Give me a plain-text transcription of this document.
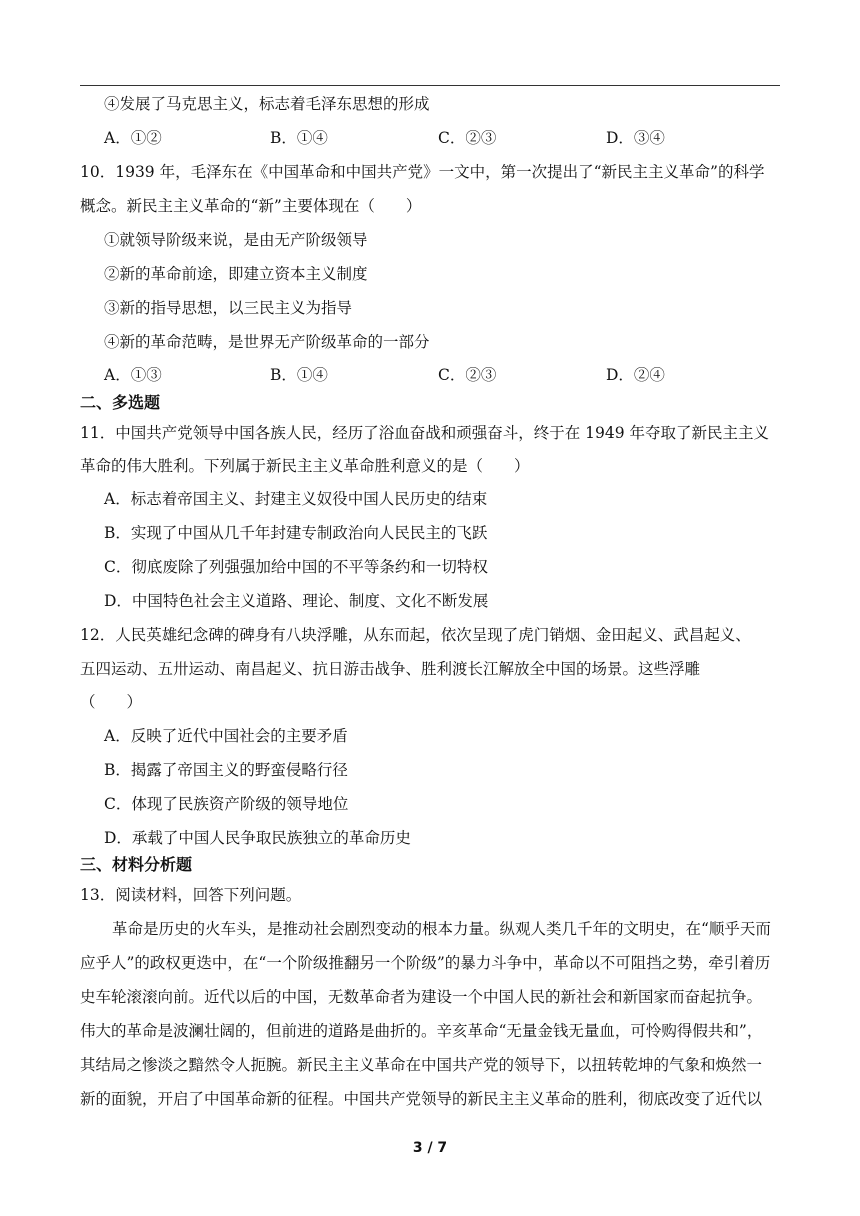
④发展了马克思主义，标志着毛泽东思想的形成
A．①②	B．①④	C．②③	D．③④
10．1939 年，毛泽东在《中国革命和中国共产党》一文中，第一次提出了“新民主主义革命”的科学
概念。新民主主义革命的“新”主要体现在（　　）
①就领导阶级来说，是由无产阶级领导
②新的革命前途，即建立资本主义制度
③新的指导思想，以三民主义为指导
④新的革命范畴，是世界无产阶级革命的一部分
A．①③	B．①④	C．②③	D．②④
二、多选题
11．中国共产党领导中国各族人民，经历了浴血奋战和顽强奋斗，终于在 1949 年夺取了新民主主义
革命的伟大胜利。下列属于新民主主义革命胜利意义的是（　　）
A．标志着帝国主义、封建主义奴役中国人民历史的结束
B．实现了中国从几千年封建专制政治向人民民主的飞跃
C．彻底废除了列强强加给中国的不平等条约和一切特权
D．中国特色社会主义道路、理论、制度、文化不断发展
12．人民英雄纪念碑的碑身有八块浮雕，从东而起，依次呈现了虎门销烟、金田起义、武昌起义、
五四运动、五卅运动、南昌起义、抗日游击战争、胜利渡长江解放全中国的场景。这些浮雕
（　　）
A．反映了近代中国社会的主要矛盾
B．揭露了帝国主义的野蛮侵略行径
C．体现了民族资产阶级的领导地位
D．承载了中国人民争取民族独立的革命历史
三、材料分析题
13．阅读材料，回答下列问题。
革命是历史的火车头，是推动社会剧烈变动的根本力量。纵观人类几千年的文明史，在“顺乎天而
应乎人”的政权更迭中，在“一个阶级推翻另一个阶级”的暴力斗争中，革命以不可阻挡之势，牵引着历
史车轮滚滚向前。近代以后的中国，无数革命者为建设一个中国人民的新社会和新国家而奋起抗争。
伟大的革命是波澜壮阔的，但前进的道路是曲折的。辛亥革命“无量金钱无量血，可怜购得假共和”，
其结局之惨淡之黯然令人扼腕。新民主主义革命在中国共产党的领导下，以扭转乾坤的气象和焕然一
新的面貌，开启了中国革命新的征程。中国共产党领导的新民主主义革命的胜利，彻底改变了近代以
3 / 7
